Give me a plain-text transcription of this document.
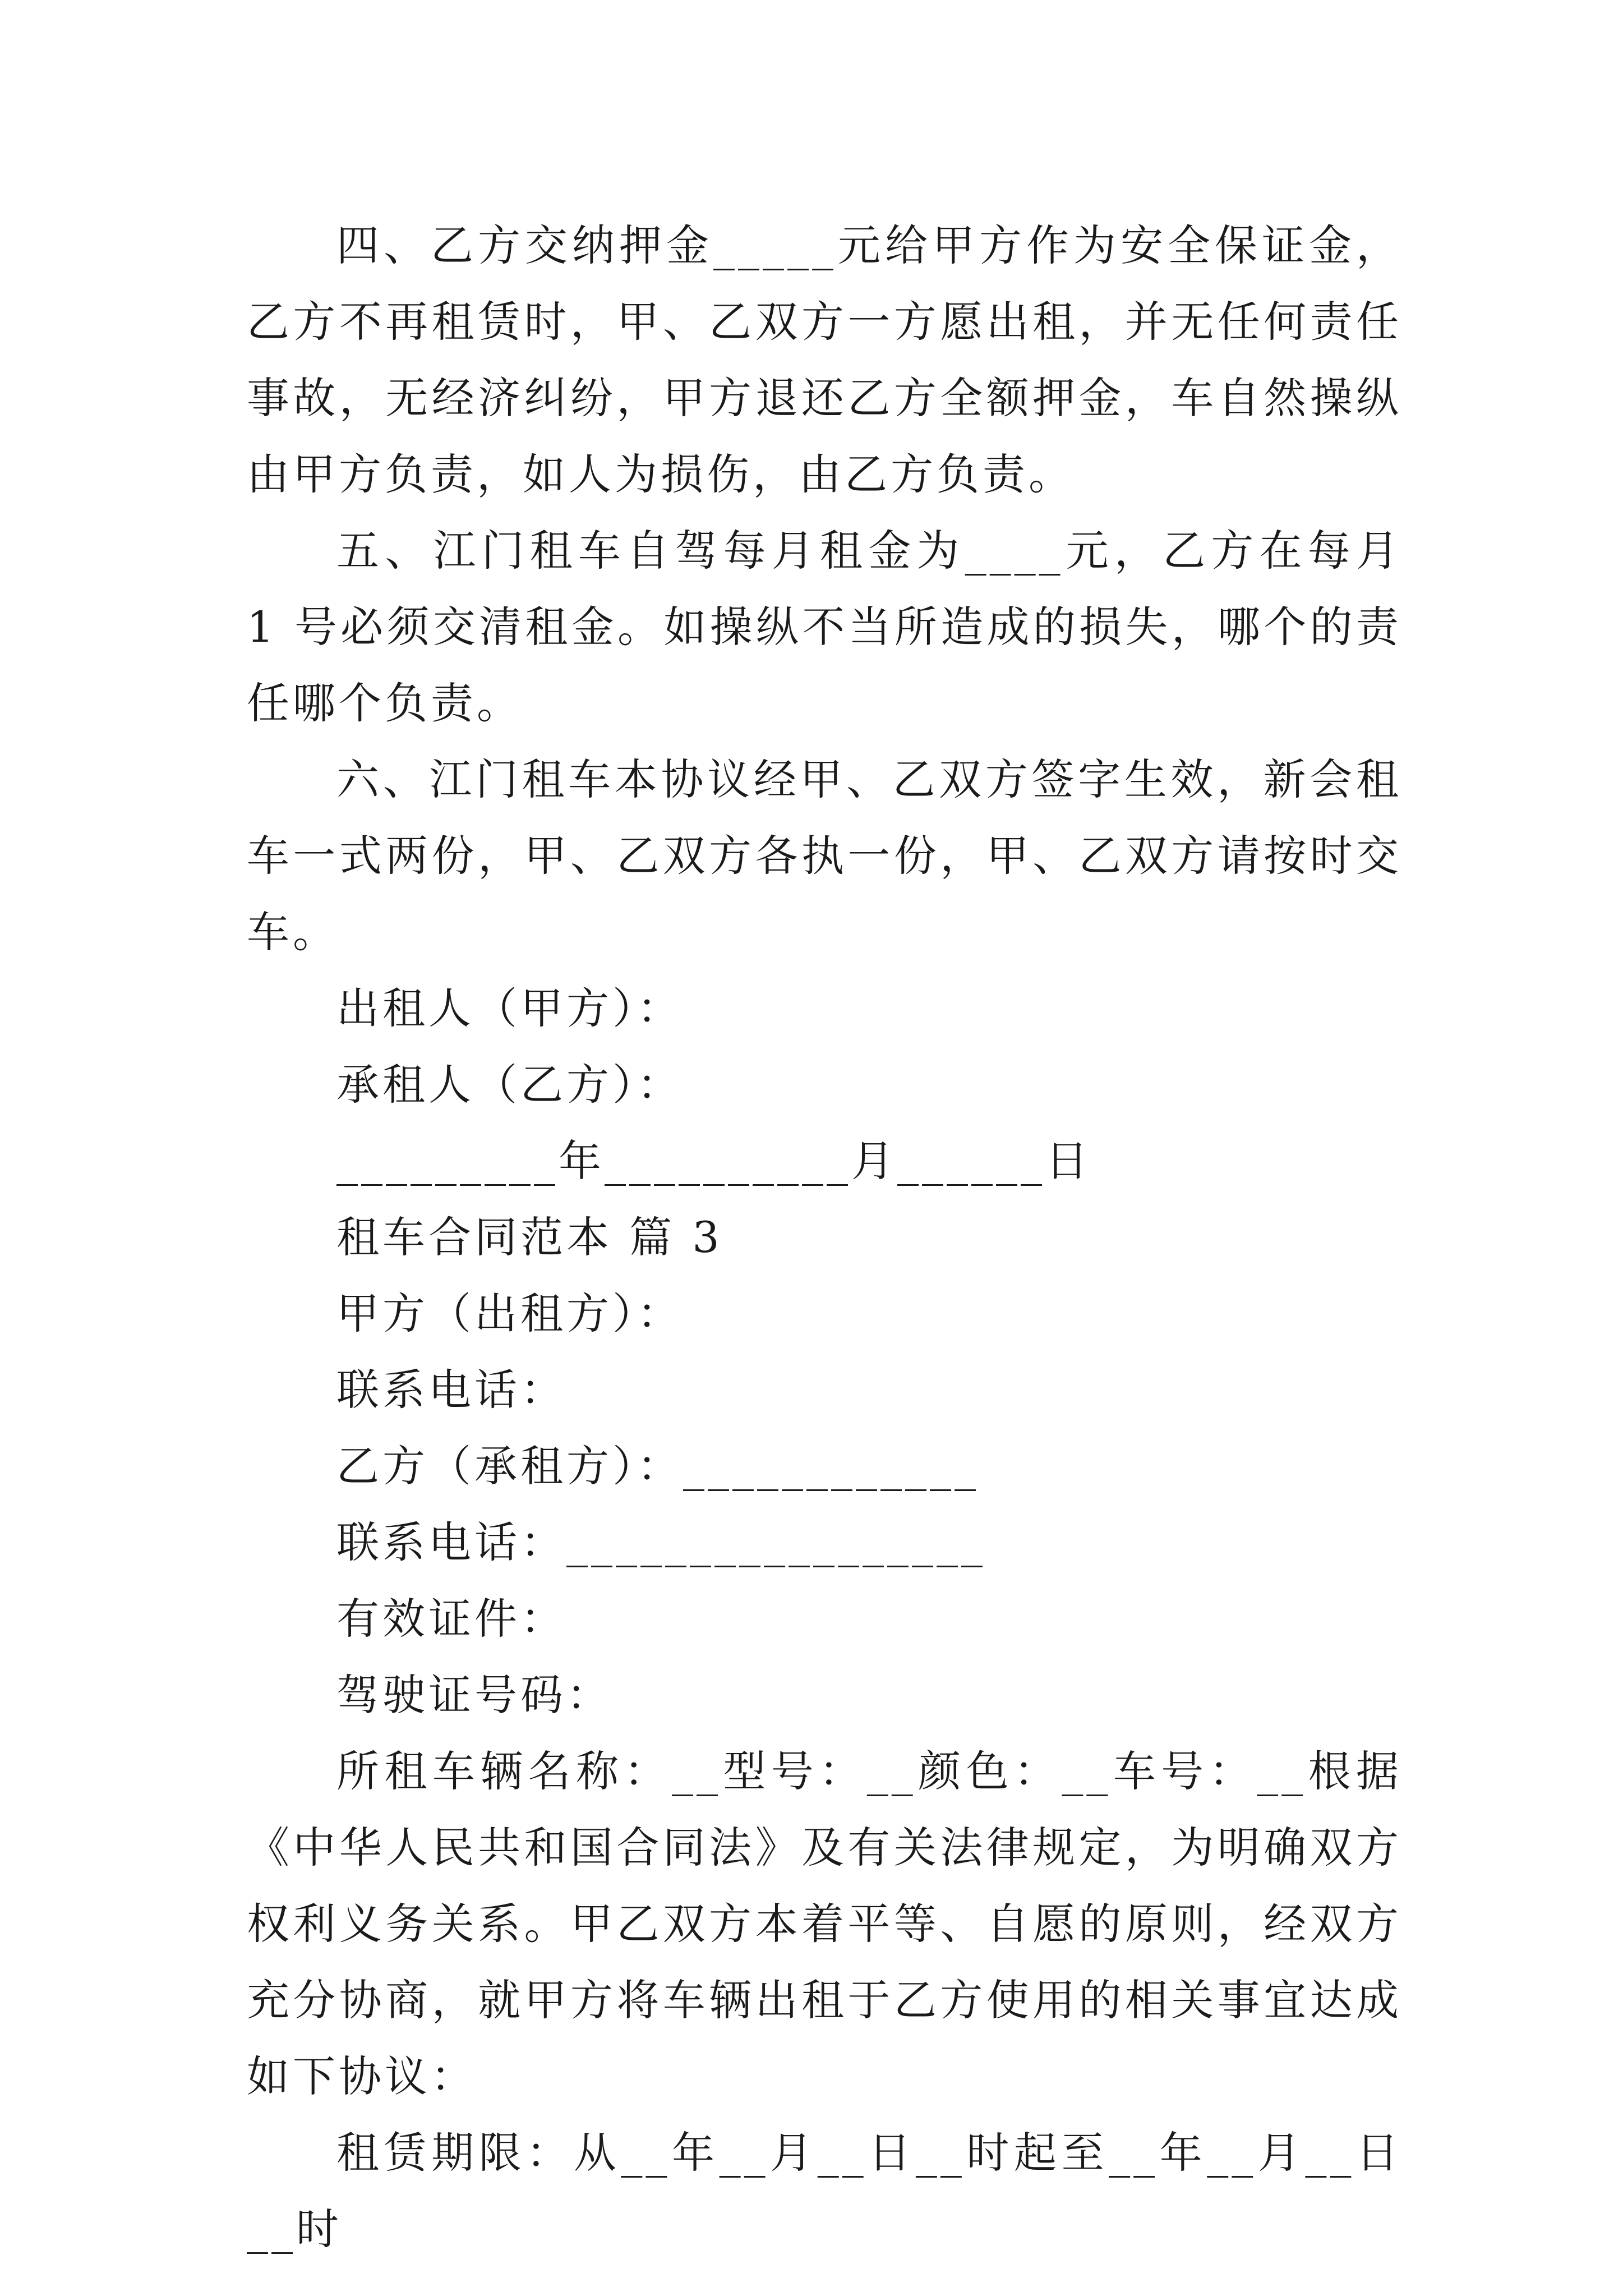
四、乙方交纳押金_____元给甲方作为安全保证金，乙方不再租赁时，甲、乙双方一方愿出租，并无任何责任事故，无经济纠纷，甲方退还乙方全额押金，车自然操纵由甲方负责，如人为损伤，由乙方负责。

五、江门租车自驾每月租金为____元，乙方在每月 1 号必须交清租金。如操纵不当所造成的损失，哪个的责任哪个负责。

六、江门租车本协议经甲、乙双方签字生效，新会租车一式两份，甲、乙双方各执一份，甲、乙双方请按时交车。

出租人（甲方）：

承租人（乙方）：

_________年__________月______日

租车合同范本 篇 3

甲方（出租方）：

联系电话：

乙方（承租方）：____________

联系电话：_________________

有效证件：

驾驶证号码：

所租车辆名称：__型号：__颜色：__车号：__根据《中华人民共和国合同法》及有关法律规定，为明确双方权利义务关系。甲乙双方本着平等、自愿的原则，经双方充分协商，就甲方将车辆出租于乙方使用的相关事宜达成如下协议：

租赁期限：从__年__月__日__时起至__年__月__日__时
